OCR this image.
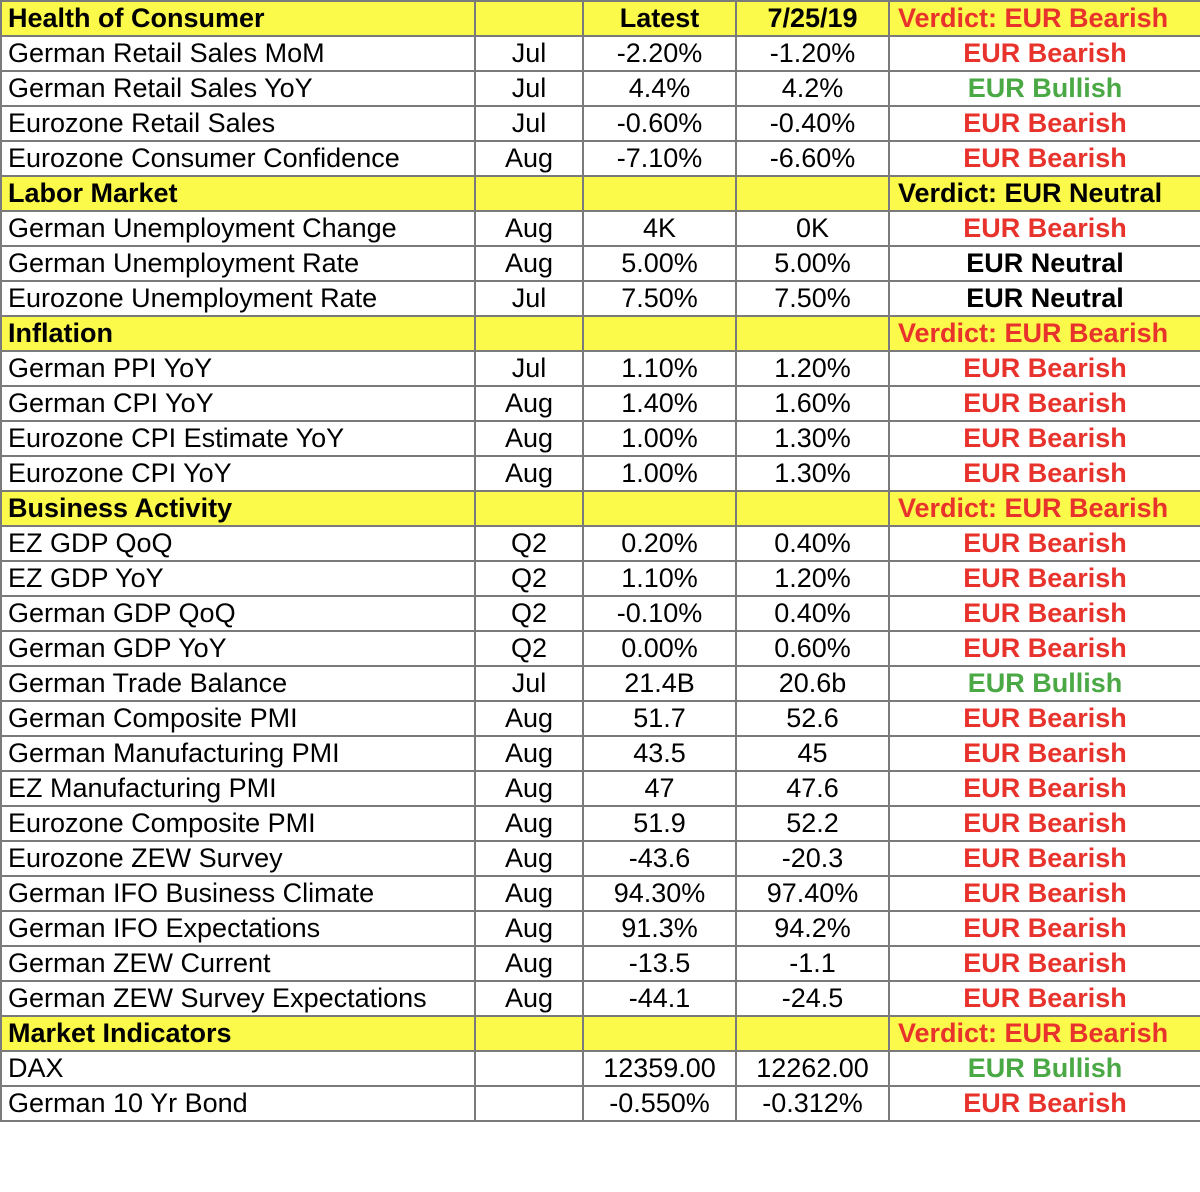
Health of Consumer		Latest	7/25/19	Verdict: EUR Bearish
German Retail Sales MoM	Jul	-2.20%	-1.20%	EUR Bearish
German Retail Sales YoY	Jul	4.4%	4.2%	EUR Bullish
Eurozone Retail Sales	Jul	-0.60%	-0.40%	EUR Bearish
Eurozone Consumer Confidence	Aug	-7.10%	-6.60%	EUR Bearish
Labor Market				Verdict: EUR Neutral
German Unemployment Change	Aug	4K	0K	EUR Bearish
German Unemployment Rate	Aug	5.00%	5.00%	EUR Neutral
Eurozone Unemployment Rate	Jul	7.50%	7.50%	EUR Neutral
Inflation				Verdict: EUR Bearish
German PPI YoY	Jul	1.10%	1.20%	EUR Bearish
German CPI YoY	Aug	1.40%	1.60%	EUR Bearish
Eurozone CPI Estimate YoY	Aug	1.00%	1.30%	EUR Bearish
Eurozone CPI YoY	Aug	1.00%	1.30%	EUR Bearish
Business Activity				Verdict: EUR Bearish
EZ GDP QoQ	Q2	0.20%	0.40%	EUR Bearish
EZ GDP YoY	Q2	1.10%	1.20%	EUR Bearish
German GDP QoQ	Q2	-0.10%	0.40%	EUR Bearish
German GDP YoY	Q2	0.00%	0.60%	EUR Bearish
German Trade Balance	Jul	21.4B	20.6b	EUR Bullish
German Composite PMI	Aug	51.7	52.6	EUR Bearish
German Manufacturing PMI	Aug	43.5	45	EUR Bearish
EZ Manufacturing PMI	Aug	47	47.6	EUR Bearish
Eurozone Composite PMI	Aug	51.9	52.2	EUR Bearish
Eurozone ZEW Survey	Aug	-43.6	-20.3	EUR Bearish
German IFO Business Climate	Aug	94.30%	97.40%	EUR Bearish
German IFO Expectations	Aug	91.3%	94.2%	EUR Bearish
German ZEW Current	Aug	-13.5	-1.1	EUR Bearish
German ZEW Survey Expectations	Aug	-44.1	-24.5	EUR Bearish
Market Indicators				Verdict: EUR Bearish
DAX		12359.00	12262.00	EUR Bullish
German 10 Yr Bond		-0.550%	-0.312%	EUR Bearish
